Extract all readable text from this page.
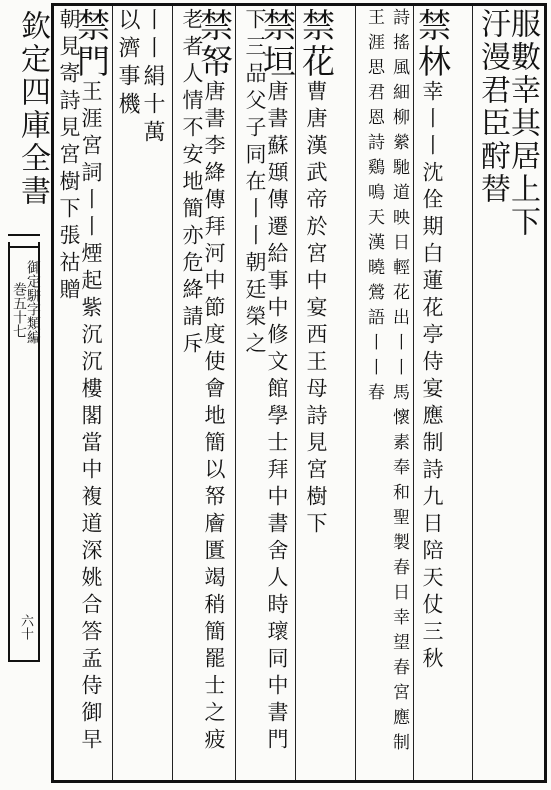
欽定四庫全書
御定駢字類編
巻五十七
六十
服數幸其居上下
汙漫君臣酧替
禁林幸丨丨沈佺期白蓮花亭侍宴應制詩九日陪天仗三秋
詩搖風細柳縈馳道映日輕花出丨丨馬懷素奉和聖製春日幸望春宮應制
王涯思君恩詩鷄鳴天漢曉鶯語丨丨春
禁花曹唐漢武帝於宮中宴西王母詩見宮樹下
禁垣唐書蘇頲傳遷給事中修文館學士拜中書舍人時瓌同中書門下三品父子同在丨丨朝廷榮之
禁帑唐書李絳傳拜河中節度使會地簡以帑廥匱竭稍簡罷士之疲老者人情不安地簡亦危絳請斥
丨丨絹十萬
以濟事機
禁門王涯宮詞丨丨煙起紫沉沉樓閣當中複道深姚合答孟侍御早朝見寄詩見宮樹下張祜贈
